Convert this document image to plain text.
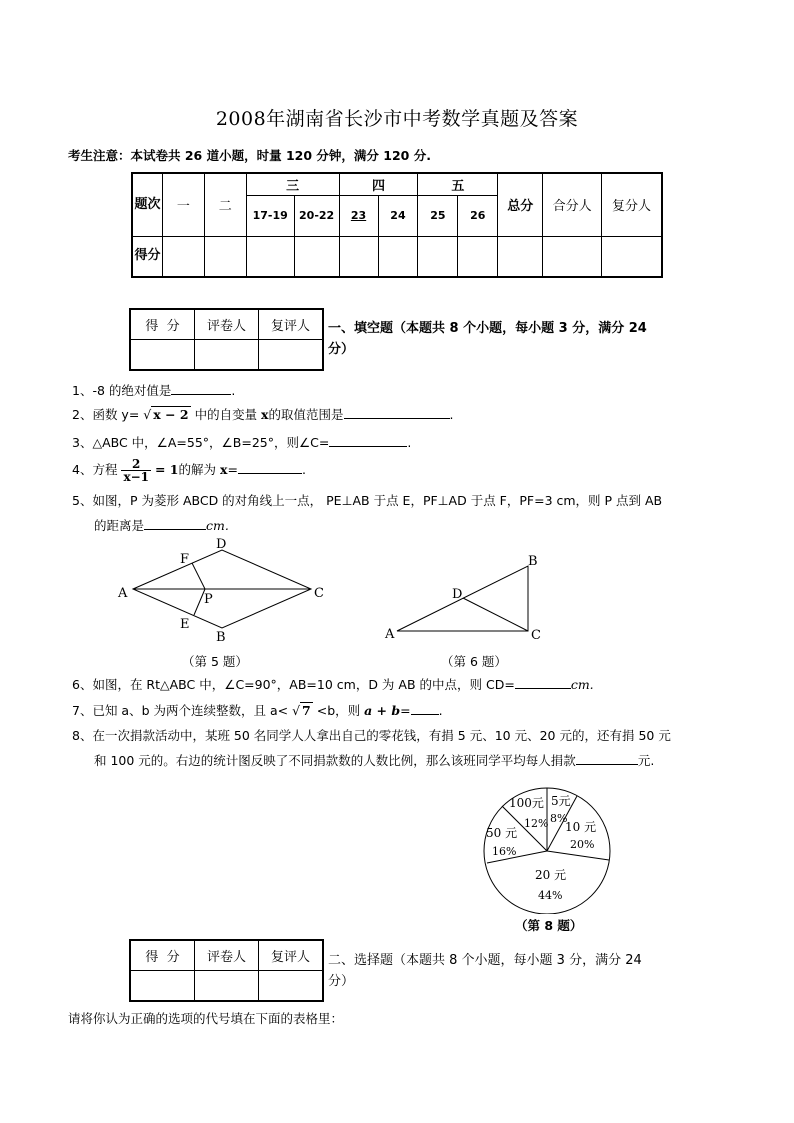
2008年湖南省长沙市中考数学真题及答案
考生注意：本试卷共 26 道小题，时量 120 分钟，满分 120 分.
题次	一	二	三		四		五		总分	合分人	复分人
			17-19	20-22	23	24	25	26			
得分											
得  分	评卷人	复评人
		一、填空题（本题共 8 个小题，每小题 3 分，满分 24
分）
1、-8 的绝对值是	.
2、函数 y= √ x − 2 中的自变量 x的取值范围是	.
3、△ABC 中，∠A=55°，∠B=25°，则∠C=	.
4、方程 $\frac{2}{x-1} = 1$的解为 x=	.
5、如图，P 为菱形 ABCD 的对角线上一点， PE⊥AB 于点 E，PF⊥AD 于点 F，PF=3 cm，则 P 点到 AB
的距离是	cm.
A
D
C
B
F
E
P
（第 5 题）
A
B
C
D
（第 6 题）
6、如图，在 Rt△ABC 中，∠C=90°，AB=10 cm，D 为 AB 的中点，则 CD=	cm.
7、已知 a、b 为两个连续整数，且 a< √ 7 <b，则 a + b= .
8、在一次捐款活动中，某班 50 名同学人人拿出自己的零花钱，有捐 5 元、10 元、20 元的，还有捐 50 元
和 100 元的。右边的统计图反映了不同捐款数的人数比例，那么该班同学平均每人捐款	元.
5元
8%
10 元
20%
100元
12%
50 元
16%
20 元
44%
（第 8 题）
得  分	评卷人	复评人
		二、选择题（本题共 8 个小题，每小题 3 分，满分 24
分）
请将你认为正确的选项的代号填在下面的表格里：
